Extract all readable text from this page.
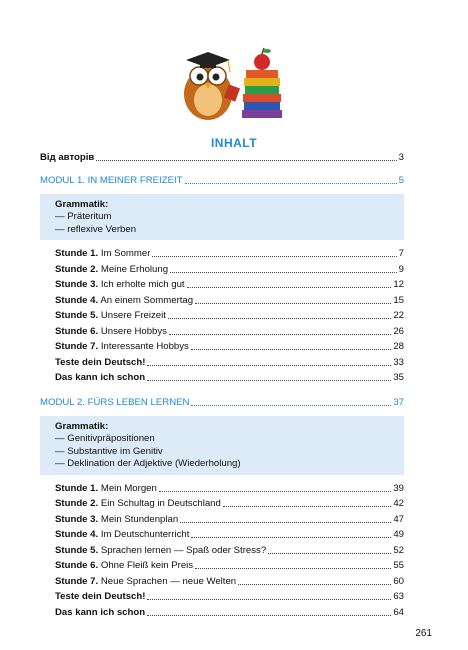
INHALT
Від авторів	3
MODUL 1. IN MEINER FREIZEIT	5
Grammatik:
— Präteritum
— reflexive Verben
Stunde 1. Im Sommer	7
Stunde 2. Meine Erholung	9
Stunde 3. Ich erholte mich gut	12
Stunde 4. An einem Sommertag	15
Stunde 5. Unsere Freizeit	22
Stunde 6. Unsere Hobbys	26
Stunde 7. Interessante Hobbys	28
Teste dein Deutsch!	33
Das kann ich schon	35
MODUL 2. FÜRS LEBEN LERNEN	37
Grammatik:
— Genitivpräpositionen
— Substantive im Genitiv
— Deklination der Adjektive (Wiederholung)
Stunde 1. Mein Morgen	39
Stunde 2. Ein Schultag in Deutschland	42
Stunde 3. Mein Stundenplan	47
Stunde 4. Im Deutschunterricht	49
Stunde 5. Sprachen lernen — Spaß oder Stress?	52
Stunde 6. Ohne Fleiß kein Preis	55
Stunde 7. Neue Sprachen — neue Welten	60
Teste dein Deutsch!	63
Das kann ich schon	64
261
